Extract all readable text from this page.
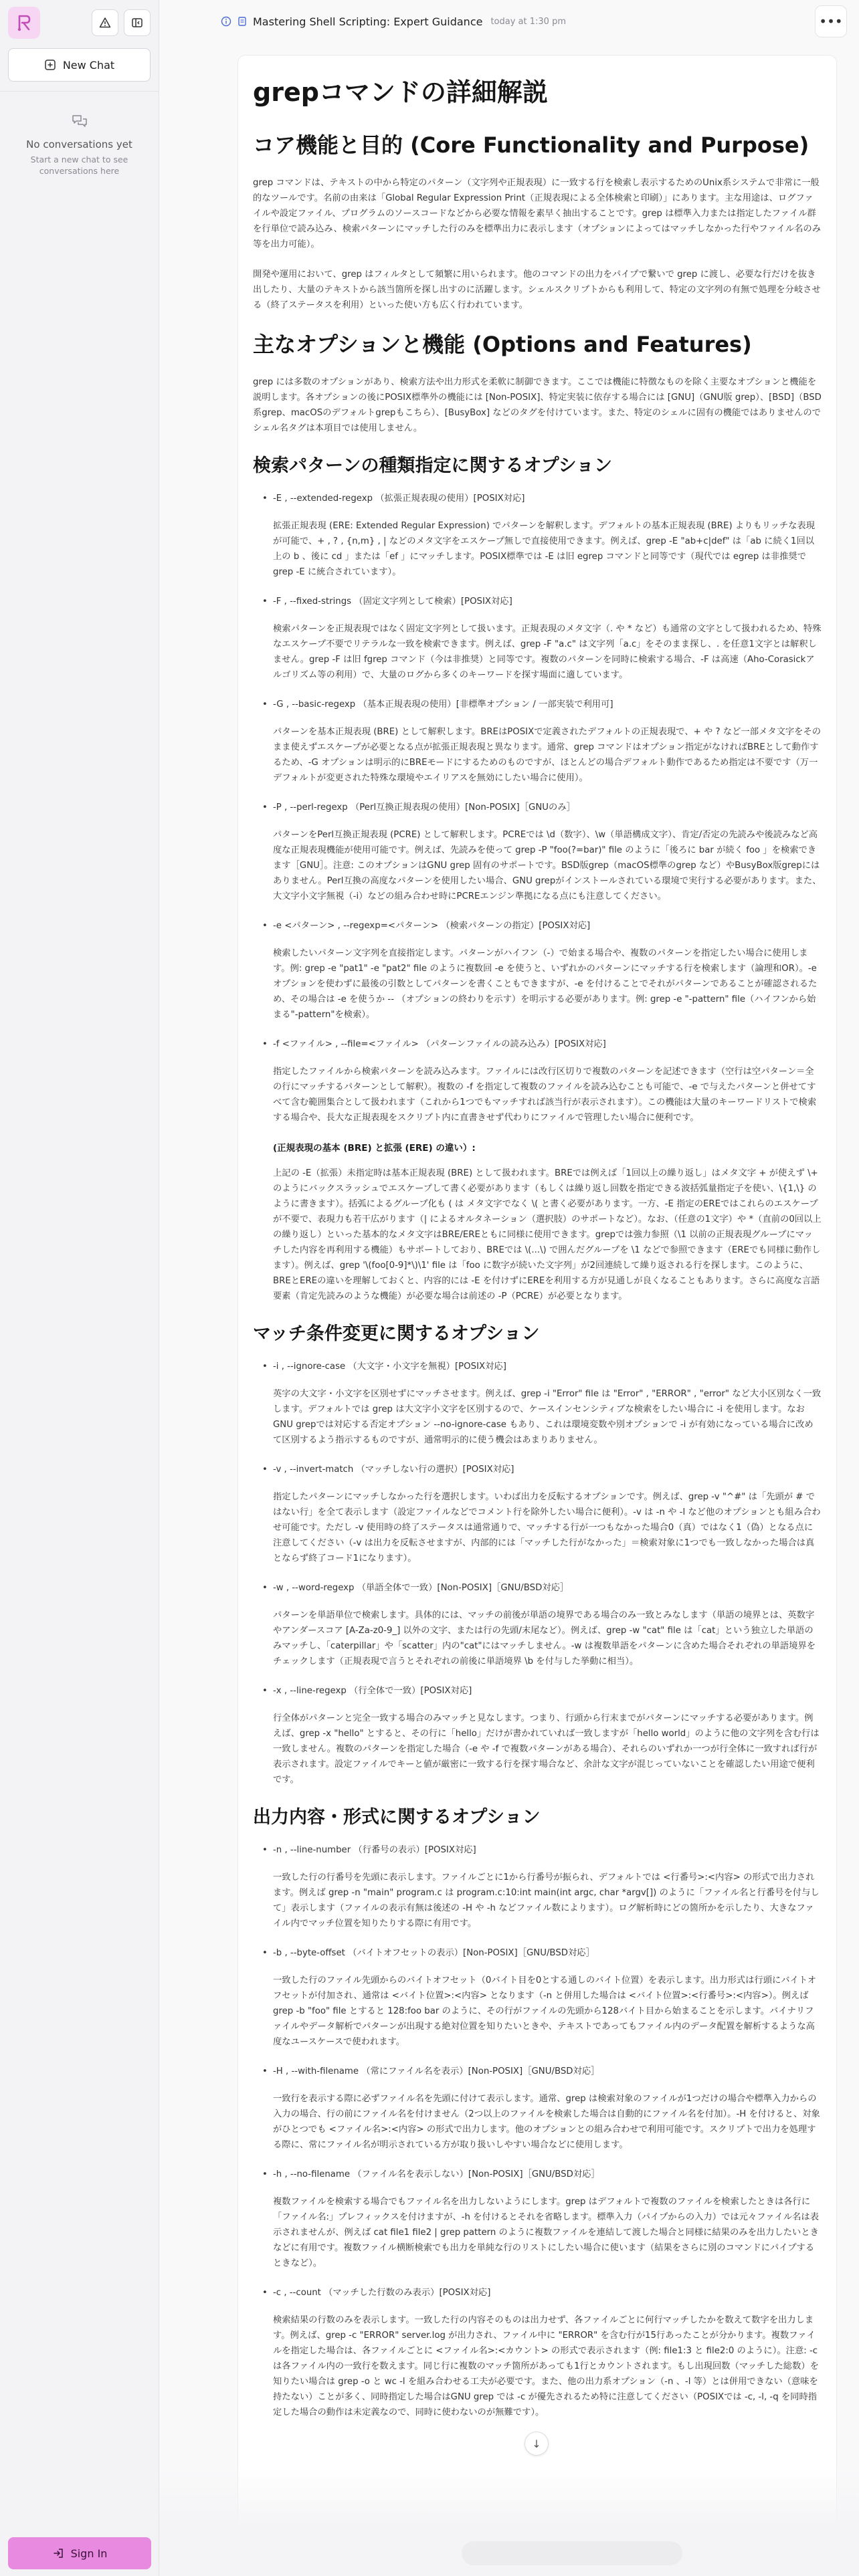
New Chat
No conversations yet
Start a new chat to see conversations here
Sign In
Mastering Shell Scripting: Expert Guidance today at 1:30 pm	•••
grepコマンドの詳細解説
コア機能と目的 (Core Functionality and Purpose)

grep コマンドは、テキストの中から特定のパターン（文字列や正規表現）に一致する行を検索し表示するためのUnix系システムで非常に一般的なツールです。名前の由来は「Global Regular Expression Print（正規表現による全体検索と印刷）」にあります。主な用途は、ログファイルや設定ファイル、プログラムのソースコードなどから必要な情報を素早く抽出することです。grep は標準入力または指定したファイル群を行単位で読み込み、検索パターンにマッチした行のみを標準出力に表示します（オプションによってはマッチしなかった行やファイル名のみ等を出力可能）。

開発や運用において、grep はフィルタとして頻繁に用いられます。他のコマンドの出力をパイプで繋いで grep に渡し、必要な行だけを抜き出したり、大量のテキストから該当箇所を探し出すのに活躍します。シェルスクリプトからも利用して、特定の文字列の有無で処理を分岐させる（終了ステータスを利用）といった使い方も広く行われています。

主なオプションと機能 (Options and Features)

grep には多数のオプションがあり、検索方法や出力形式を柔軟に制御できます。ここでは機能に特徴なものを除く主要なオプションと機能を説明します。各オプションの後にPOSIX標準外の機能には [Non-POSIX]、特定実装に依存する場合には [GNU]（GNU版 grep）、[BSD]（BSD系grep、macOSのデフォルトgrepもこちら）、[BusyBox] などのタグを付けています。また、特定のシェルに固有の機能ではありませんのでシェル名タグは本項目では使用しません。

検索パターンの種類指定に関するオプション
• -E , --extended-regexp （拡張正規表現の使用）[POSIX対応]
拡張正規表現 (ERE: Extended Regular Expression) でパターンを解釈します。デフォルトの基本正規表現 (BRE) よりもリッチな表現が可能で、+ , ? , {n,m} , | などのメタ文字をエスケープ無しで直接使用できます。例えば、grep -E "ab+c|def" は「ab に続く1回以上の b 、後に cd 」または「ef 」にマッチします。POSIX標準では -E は旧 egrep コマンドと同等です（現代では egrep は非推奨で grep -E に統合されています）。
• -F , --fixed-strings （固定文字列として検索）[POSIX対応]
検索パターンを正規表現ではなく固定文字列として扱います。正規表現のメタ文字（. や * など）も通常の文字として扱われるため、特殊なエスケープ不要でリテラルな一致を検索できます。例えば、grep -F "a.c" は文字列「a.c」をそのまま探し、. を任意1文字とは解釈しません。grep -F は旧 fgrep コマンド（今は非推奨）と同等です。複数のパターンを同時に検索する場合、-F は高速（Aho-Corasickアルゴリズム等の利用）で、大量のログから多くのキーワードを探す場面に適しています。
• -G , --basic-regexp （基本正規表現の使用）[非標準オプション / 一部実装で利用可]
パターンを基本正規表現 (BRE) として解釈します。BREはPOSIXで定義されたデフォルトの正規表現で、+ や ? など一部メタ文字をそのまま使えずエスケープが必要となる点が拡張正規表現と異なります。通常、grep コマンドはオプション指定がなければBREとして動作するため、-G オプションは明示的にBREモードにするためのものですが、ほとんどの場合デフォルト動作であるため指定は不要です（万一デフォルトが変更された特殊な環境やエイリアスを無効にしたい場合に使用）。
• -P , --perl-regexp （Perl互換正規表現の使用）[Non-POSIX]［GNUのみ］
パターンをPerl互換正規表現 (PCRE) として解釈します。PCREでは \d（数字）、\w（単語構成文字）、肯定/否定の先読みや後読みなど高度な正規表現機能が使用可能です。例えば、先読みを使って grep -P "foo(?=bar)" file のように「後ろに bar が続く foo 」を検索できます［GNU］。注意: このオプションはGNU grep 固有のサポートです。BSD版grep（macOS標準のgrep など）やBusyBox版grepにはありません。Perl互換の高度なパターンを使用したい場合、GNU grepがインストールされている環境で実行する必要があります。また、大文字小文字無視（-i）などの組み合わせ時にPCREエンジン準拠になる点にも注意してください。
• -e <パターン> , --regexp=<パターン> （検索パターンの指定）[POSIX対応]
検索したいパターン文字列を直接指定します。パターンがハイフン（-）で始まる場合や、複数のパターンを指定したい場合に使用します。例: grep -e "pat1" -e "pat2" file のように複数回 -e を使うと、いずれかのパターンにマッチする行を検索します（論理和OR）。-e オプションを使わずに最後の引数としてパターンを書くこともできますが、-e を付けることでそれがパターンであることが確認されるため、その場合は -e を使うか -- （オプションの終わりを示す）を明示する必要があります。例: grep -e "-pattern" file（ハイフンから始まる"-pattern"を検索）。
• -f <ファイル> , --file=<ファイル> （パターンファイルの読み込み）[POSIX対応]
指定したファイルから検索パターンを読み込みます。ファイルには改行区切りで複数のパターンを記述できます（空行は空パターン＝全の行にマッチするパターンとして解釈）。複数の -f を指定して複数のファイルを読み込むことも可能で、-e で与えたパターンと併せてすべて含む範囲集合として扱われます（これから1つでもマッチすれば該当行が表示されます）。この機能は大量のキーワードリストで検索する場合や、長大な正規表現をスクリプト内に直書きせず代わりにファイルで管理したい場合に便利です。
(正規表現の基本 (BRE) と拡張 (ERE) の違い）:
上記の -E（拡張）未指定時は基本正規表現 (BRE) として扱われます。BREでは例えば「1回以上の繰り返し」はメタ文字 + が使えず \+ のようにバックスラッシュでエスケープして書く必要があります（もしくは繰り返し回数を指定できる波括弧量指定子を使い、\{1,\} のように書きます）。括弧によるグループ化も ( は メタ文字でなく \( と書く必要があります。一方、-E 指定のEREではこれらのエスケープが不要で、表現力も若干広がります（| によるオルタネーション（選択肢）のサポートなど）。なお、（任意の1文字）や *（直前の0回以上の繰り返し）といった基本的なメタ文字はBRE/EREともに同様に使用できます。grepでは強力参照（\1 以前の正規表現グループにマッチした内容を再利用する機能）もサポートしており、BREでは \(...\) で囲んだグループを \1 などで参照できます（EREでも同様に動作します）。例えば、grep '\(foo[0-9]*\)\1' file は「foo に数字が続いた文字列」が2回連続して繰り返される行を探します。このように、BREとEREの違いを理解しておくと、内容的には -E を付けずにEREを利用する方が見通しが良くなることもあります。さらに高度な言語要素（肯定先読みのような機能）が必要な場合は前述の -P（PCRE）が必要となります。
マッチ条件変更に関するオプション
• -i , --ignore-case （大文字・小文字を無視）[POSIX対応]
英字の大文字・小文字を区別せずにマッチさせます。例えば、grep -i "Error" file は "Error" , "ERROR" , "error" など大小区別なく一致します。デフォルトでは grep は大文字小文字を区別するので、ケースインセンシティブな検索をしたい場合に -i を使用します。なおGNU grepでは対応する否定オプション --no-ignore-case もあり、これは環境変数や別オプションで -i が有効になっている場合に改めて区別するよう指示するものですが、通常明示的に使う機会はあまりありません。
• -v , --invert-match （マッチしない行の選択）[POSIX対応]
指定したパターンにマッチしなかった行を選択します。いわば出力を反転するオプションです。例えば、grep -v "^#" は「先頭が # ではない行」を全て表示します（設定ファイルなどでコメント行を除外したい場合に便利）。-v は -n や -l など他のオプションとも組み合わせ可能です。ただし -v 使用時の終了ステータスは通常通りで、マッチする行が一つもなかった場合0（真）ではなく1（偽）となる点に注意してください（-v は出力を反転させますが、内部的には「マッチした行がなかった」＝検索対象に1つでも一致しなかった場合は真とならず終了コード1になります）。
• -w , --word-regexp （単語全体で一致）[Non-POSIX]［GNU/BSD対応］
パターンを単語単位で検索します。具体的には、マッチの前後が単語の境界である場合のみ一致とみなします（単語の境界とは、英数字やアンダースコア [A-Za-z0-9_] 以外の文字、または行の先頭/末尾など）。例えば、grep -w "cat" file は「cat」という独立した単語のみマッチし、「caterpillar」や「scatter」内の"cat"にはマッチしません。-w は複数単語をパターンに含めた場合それぞれの単語境界をチェックします（正規表現で言うとそれぞれの前後に単語境界 \b を付与した挙動に相当）。
• -x , --line-regexp （行全体で一致）[POSIX対応]
行全体がパターンと完全一致する場合のみマッチと見なします。つまり、行頭から行末までがパターンにマッチする必要があります。例えば、grep -x "hello" とすると、その行に「hello」だけが書かれていれば一致しますが「hello world」のように他の文字列を含む行は一致しません。複数のパターンを指定した場合（-e や -f で複数パターンがある場合）、それらのいずれか一つが行全体に一致すれば行が表示されます。設定ファイルでキーと値が厳密に一致する行を探す場合など、余計な文字が混じっていないことを確認したい用途で便利です。
出力内容・形式に関するオプション
• -n , --line-number （行番号の表示）[POSIX対応]
一致した行の行番号を先頭に表示します。ファイルごとに1から行番号が振られ、デフォルトでは <行番号>:<内容> の形式で出力されます。例えば grep -n "main" program.c は program.c:10:int main(int argc, char *argv[]) のように「ファイル名と行番号を付与して」表示します（ファイルの表示有無は後述の -H や -h などファイル数によります）。ログ解析時にどの箇所かを示したり、大きなファイル内でマッチ位置を知りたりする際に有用です。
• -b , --byte-offset （バイトオフセットの表示）[Non-POSIX]［GNU/BSD対応］
一致した行のファイル先頭からのバイトオフセット（0バイト目を0とする通しのバイト位置）を表示します。出力形式は行頭にバイトオフセットが付加され、通常は <バイト位置>:<内容> となります（-n と併用した場合は <バイト位置>:<行番号>:<内容>）。例えば grep -b "foo" file とすると 128:foo bar のように、その行がファイルの先頭から128バイト目から始まることを示します。バイナリファイルやデータ解析でパターンが出現する絶対位置を知りたいときや、テキストであってもファイル内のデータ配置を解析するような高度なユースケースで使われます。
• -H , --with-filename （常にファイル名を表示）[Non-POSIX]［GNU/BSD対応］
一致行を表示する際に必ずファイル名を先頭に付けて表示します。通常、grep は検索対象のファイルが1つだけの場合や標準入力からの入力の場合、行の前にファイル名を付けません（2つ以上のファイルを検索した場合は自動的にファイル名を付加）。-H を付けると、対象がひとつでも <ファイル名>:<内容> の形式で出力します。他のオプションとの組み合わせで利用可能です。スクリプトで出力を処理する際に、常にファイル名が明示されている方が取り扱いしやすい場合などに使用します。
• -h , --no-filename （ファイル名を表示しない）[Non-POSIX]［GNU/BSD対応］
複数ファイルを検索する場合でもファイル名を出力しないようにします。grep はデフォルトで複数のファイルを検索したときは各行に「ファイル名:」プレフィックスを付けますが、-h を付けるとそれを省略します。標準入力（パイプからの入力）では元々ファイル名は表示されませんが、例えば cat file1 file2 | grep pattern のように複数ファイルを連結して渡した場合と同様に結果のみを出力したいときなどに有用です。複数ファイル横断検索でも出力を単純な行のリストにしたい場合に使います（結果をさらに別のコマンドにパイプするときなど）。
• -c , --count （マッチした行数のみ表示）[POSIX対応]
検索結果の行数のみを表示します。一致した行の内容そのものは出力せず、各ファイルごとに何行マッチしたかを数えて数字を出力します。例えば、grep -c "ERROR" server.log が出力され、ファイル中に "ERROR" を含む行が15行あったことが分かります。複数ファイルを指定した場合は、各ファイルごとに <ファイル名>:<カウント> の形式で表示されます（例: file1:3 と file2:0 のように）。注意: -c は各ファイル内の一致行を数えます。同じ行に複数のマッチ箇所があっても1行とカウントされます。もし出現回数（マッチした総数）を知りたい場合は grep -o と wc -l を組み合わせる工夫が必要です。また、他の出力系オプション（-n 、-l 等）とは併用できない（意味を持たない）ことが多く、同時指定した場合はGNU grep では -c が優先されるため特に注意してください（POSIXでは -c, -l, -q を同時指定した場合の動作は未定義なので、同時に使わないのが無難です）。
↓
